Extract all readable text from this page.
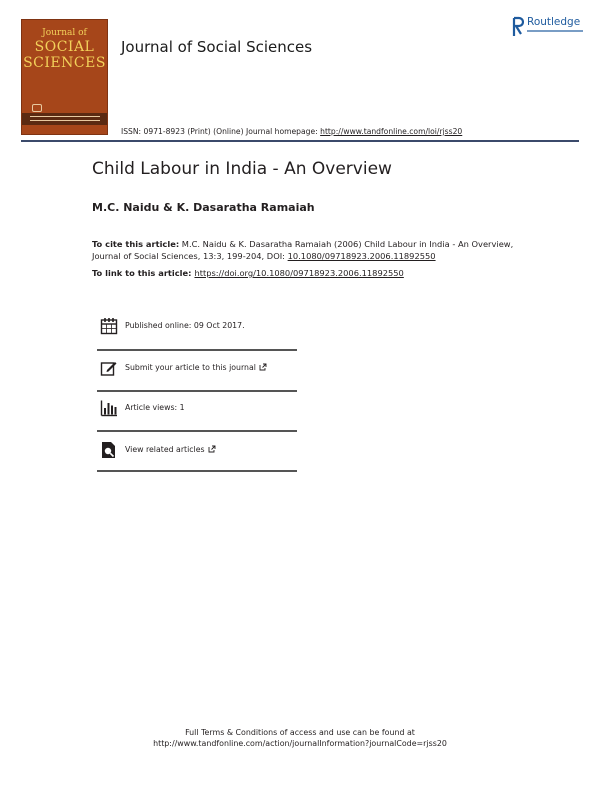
Journal of
SOCIAL
SCIENCES
Journal of Social Sciences
Routledge
ISSN: 0971-8923 (Print) (Online) Journal homepage: http://www.tandfonline.com/loi/rjss20
Child Labour in India - An Overview
M.C. Naidu & K. Dasaratha Ramaiah
To cite this article: M.C. Naidu & K. Dasaratha Ramaiah (2006) Child Labour in India - An Overview, Journal of Social Sciences, 13:3, 199-204, DOI: 10.1080/09718923.2006.11892550
To link to this article: https://doi.org/10.1080/09718923.2006.11892550
Published online: 09 Oct 2017.
Submit your article to this journal
Article views: 1
View related articles
Full Terms & Conditions of access and use can be found at
http://www.tandfonline.com/action/journalInformation?journalCode=rjss20
